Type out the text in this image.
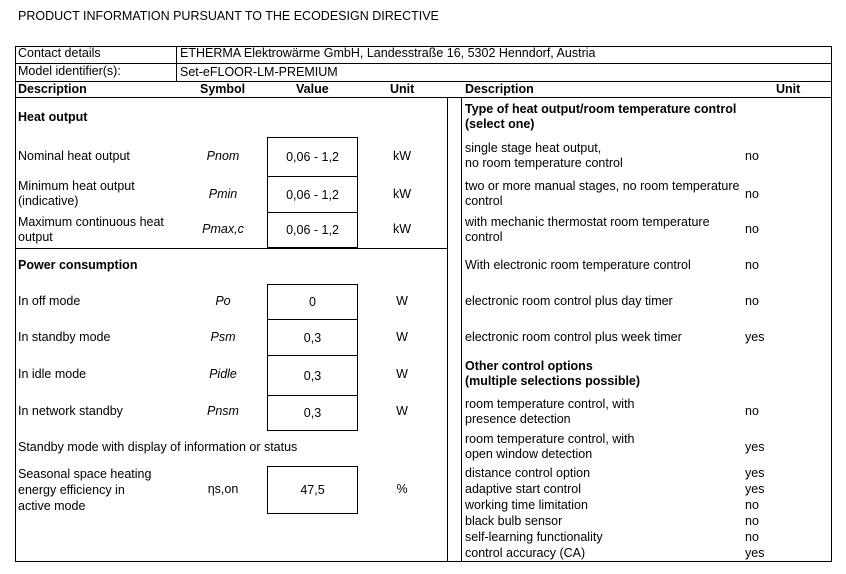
PRODUCT INFORMATION PURSUANT TO THE ECODESIGN DIRECTIVE
Contact details	ETHERMA Elektrowärme GmbH, Landesstraße 16, 5302 Henndorf, Austria
Model identifier(s):	Set-eFLOOR-LM-PREMIUM
Description	Symbol	Value	Unit	Description	Unit
Heat output
Nominal heat output	Pnom	0,06 - 1,2	kW
Minimum heat output
(indicative)	Pmin	0,06 - 1,2	kW
Maximum continuous heat
output
Pmax,c	0,06 - 1,2	kW
Power consumption
In off mode	Po	0	W
In standby mode	Psm	0,3	W
In idle mode	Pidle	0,3	W
In network standby	Pnsm	0,3	W
Standby mode with display of information or status
Seasonal space heating
energy efficiency in
active mode
ηs,on	47,5	%
Type of heat output/room temperature control
(select one)
single stage heat output,
no room temperature control	no
two or more manual stages, no room temperature
control	no
with mechanic thermostat room temperature
control
no
With electronic room temperature control	no
electronic room control plus day timer	no
electronic room control plus week timer	yes
Other control options
(multiple selections possible)
room temperature control, with
presence detection
no
room temperature control, with
open window detection	yes
distance control option	yes
adaptive start control	yes
working time limitation	no
black bulb sensor	no
self-learning functionality	no
control accuracy (CA)	yes
